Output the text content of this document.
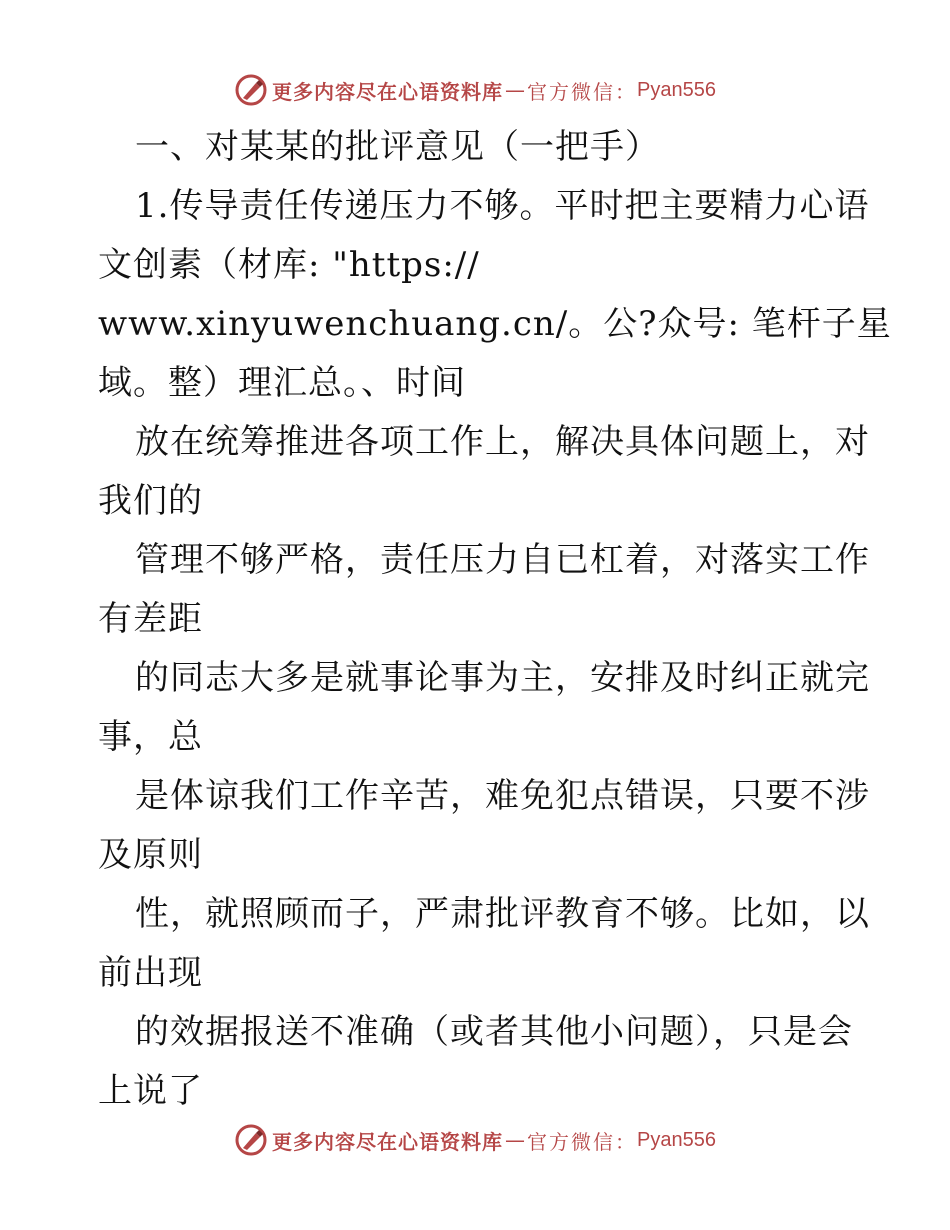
更多内容尽在心语资料库 — 官方微信： Pyan556
一、对某某的批评意见（一把手）
1.传导责任传递压力不够。平时把主要精力心语
文创素（材库: "https://
www.xinyuwenchuang.cn/。公?众号: 笔杆子星
域。整）理汇总。、时间
放在统筹推进各项工作上，解决具体问题上，对
我们的
管理不够严格，责任压力自已杠着，对落实工作
有差距
的同志大多是就事论事为主，安排及时纠正就完
事，总
是体谅我们工作辛苦，难免犯点错误，只要不涉
及原则
性，就照顾而子，严肃批评教育不够。比如，以
前出现
的效据报送不准确（或者其他小问题），只是会
上说了
更多内容尽在心语资料库 — 官方微信： Pyan556
